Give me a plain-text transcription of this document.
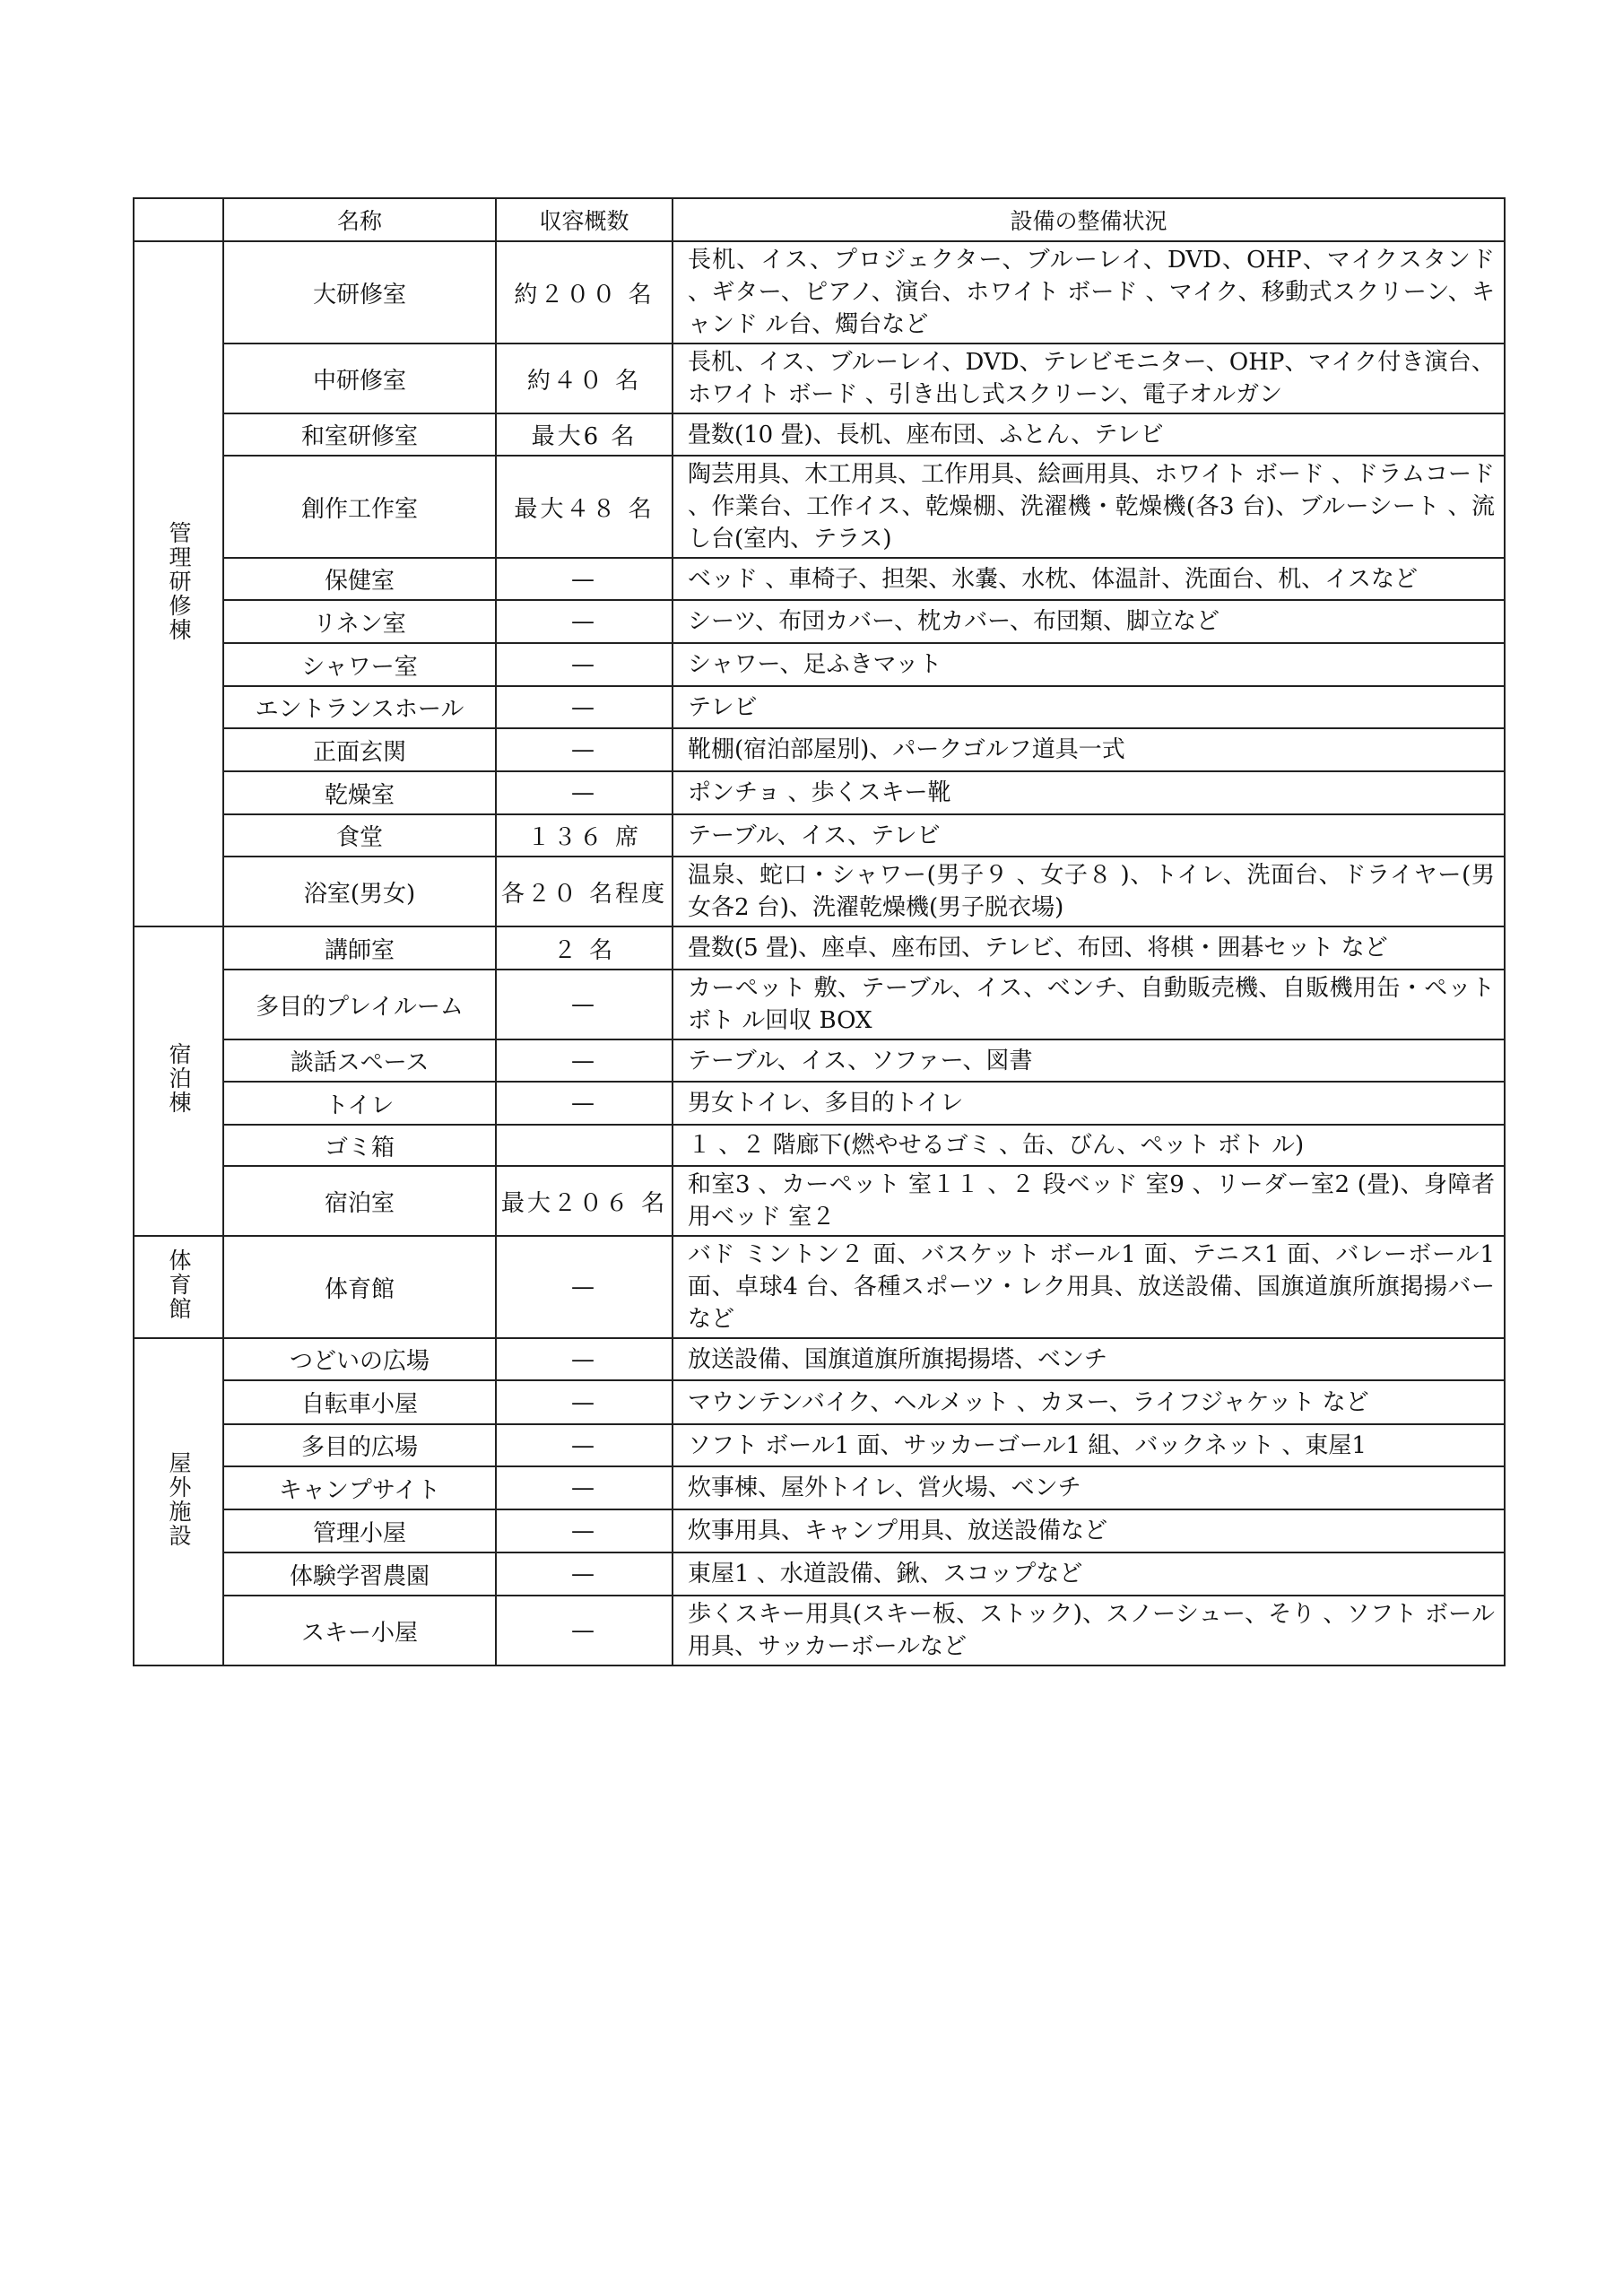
	名称	収容概数	設備の整備状況
管理研修棟	大研修室	約２００ 名	長机、イス、プロジェクター、ブルーレイ、DVD、OHP、マイクスタンド 、ギター、ピアノ、演台、ホワイト ボード 、マイク、移動式スクリーン、キャンド ル台、燭台など
	中研修室	約４０ 名	長机、イス、ブルーレイ、DVD、テレビモニター、OHP、マイク付き演台、ホワイト ボード 、引き出し式スクリーン、電子オルガン
	和室研修室	最大6 名	畳数(10 畳)、長机、座布団、ふとん、テレビ
	創作工作室	最大４８ 名	陶芸用具、木工用具、工作用具、絵画用具、ホワイト ボード 、ドラムコード 、作業台、工作イス、乾燥棚、洗濯機・乾燥機(各3 台)、ブルーシート 、流し台(室内、テラス)
	保健室	—	ベッド 、車椅子、担架、氷嚢、水枕、体温計、洗面台、机、イスなど
	リネン室	—	シーツ、布団カバー、枕カバー、布団類、脚立など
	シャワー室	—	シャワー、足ふきマット
	エントランスホール	—	テレビ
	正面玄関	—	靴棚(宿泊部屋別)、パークゴルフ道具一式
	乾燥室	—	ポンチョ 、歩くスキー靴
	食堂	１３６ 席	テーブル、イス、テレビ
	浴室(男女)	各２０ 名程度	温泉、蛇口・シャワー(男子９ 、女子８ )、トイレ、洗面台、ドライヤー(男女各2 台)、洗濯乾燥機(男子脱衣場)
宿泊棟	講師室	２ 名	畳数(5 畳)、座卓、座布団、テレビ、布団、将棋・囲碁セット など
	多目的プレイルーム	—	カーペット 敷、テーブル、イス、ベンチ、自動販売機、自販機用缶・ペット ボト ル回収 BOX
	談話スペース	—	テーブル、イス、ソファー、図書
	トイレ	—	男女トイレ、多目的トイレ
	ゴミ箱		１ 、２ 階廊下(燃やせるゴミ 、缶、びん、ペット ボト ル)
	宿泊室	最大２０６ 名	和室3 、カーペット 室１１ 、２ 段ベッド 室9 、リーダー室2 (畳)、身障者用ベッド 室２
体育館	体育館	—	バド ミントン２ 面、バスケット ボール1 面、テニス1 面、バレーボール1 面、卓球4 台、各種スポーツ・レク用具、放送設備、国旗道旗所旗掲揚バーなど
屋外施設	つどいの広場	—	放送設備、国旗道旗所旗掲揚塔、ベンチ
	自転車小屋	—	マウンテンバイク、ヘルメット 、カヌー、ライフジャケット など
	多目的広場	—	ソフト ボール1 面、サッカーゴール1 組、バックネット 、東屋1
	キャンプサイト	—	炊事棟、屋外トイレ、営火場、ベンチ
	管理小屋	—	炊事用具、キャンプ用具、放送設備など
	体験学習農園	—	東屋1 、水道設備、鍬、スコップなど
	スキー小屋	—	歩くスキー用具(スキー板、ストック)、スノーシュー、そり 、ソフト ボール用具、サッカーボールなど
